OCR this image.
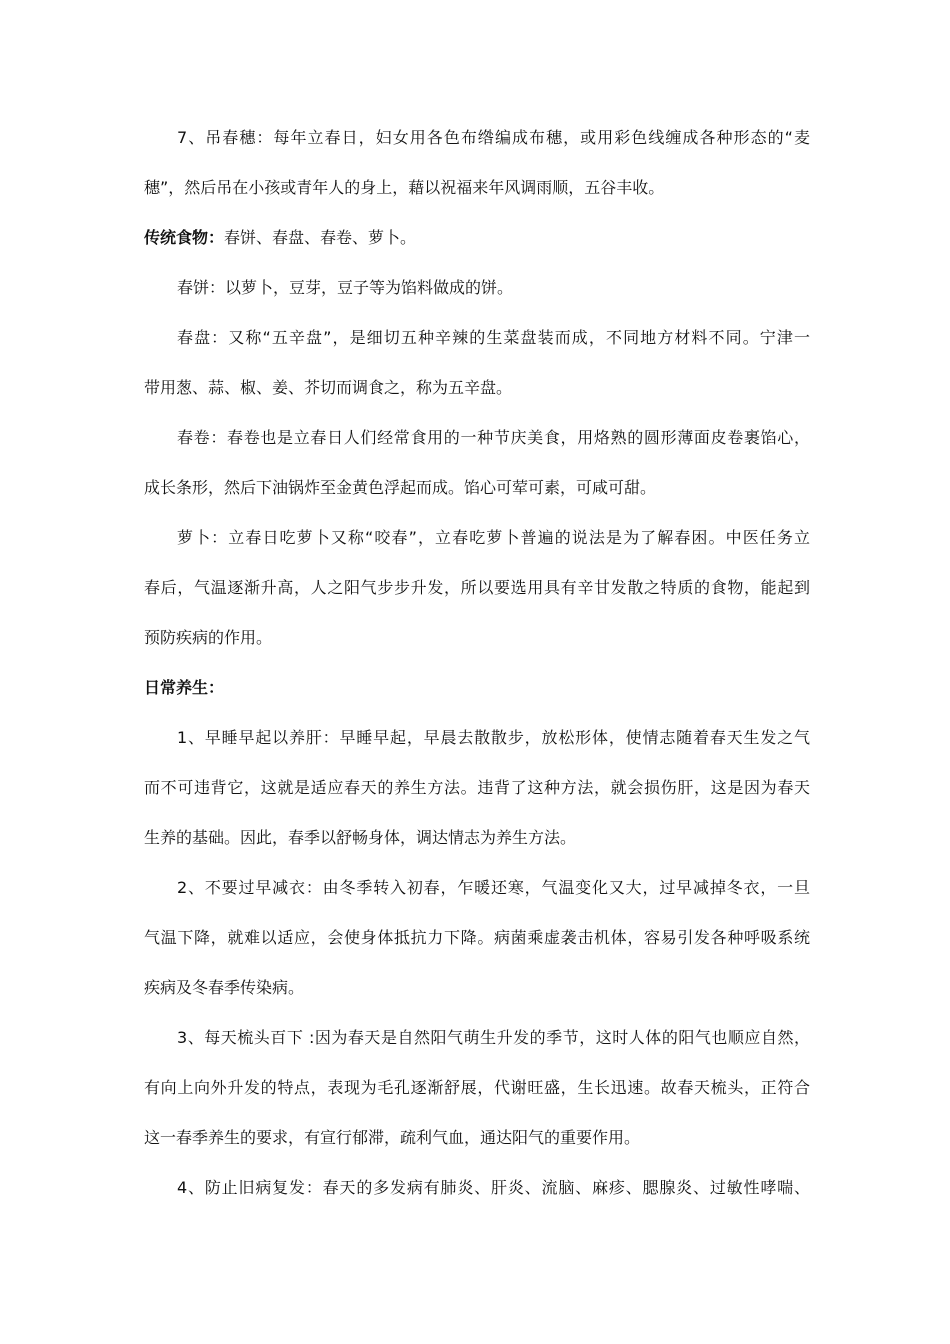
7、吊春穗：每年立春日，妇女用各色布绺编成布穗，或用彩色线缠成各种形态的“麦
穗”，然后吊在小孩或青年人的身上，藉以祝福来年风调雨顺，五谷丰收。
传统食物：春饼、春盘、春卷、萝卜。
春饼：以萝卜，豆芽，豆子等为馅料做成的饼。
春盘：又称“五辛盘”，是细切五种辛辣的生菜盘装而成，不同地方材料不同。宁津一
带用葱、蒜、椒、姜、芥切而调食之，称为五辛盘。
春卷：春卷也是立春日人们经常食用的一种节庆美食，用烙熟的圆形薄面皮卷裹馅心，
成长条形，然后下油锅炸至金黄色浮起而成。馅心可荤可素，可咸可甜。
萝卜：立春日吃萝卜又称“咬春”，立春吃萝卜普遍的说法是为了解春困。中医任务立
春后，气温逐渐升高，人之阳气步步升发，所以要选用具有辛甘发散之特质的食物，能起到
预防疾病的作用。
日常养生：
1、早睡早起以养肝：早睡早起，早晨去散散步，放松形体，使情志随着春天生发之气
而不可违背它，这就是适应春天的养生方法。违背了这种方法，就会损伤肝，这是因为春天
生养的基础。因此，春季以舒畅身体，调达情志为养生方法。
2、不要过早减衣：由冬季转入初春，乍暖还寒，气温变化又大，过早减掉冬衣，一旦
气温下降，就难以适应，会使身体抵抗力下降。病菌乘虚袭击机体，容易引发各种呼吸系统
疾病及冬春季传染病。
3、每天梳头百下 :因为春天是自然阳气萌生升发的季节，这时人体的阳气也顺应自然，
有向上向外升发的特点，表现为毛孔逐渐舒展，代谢旺盛，生长迅速。故春天梳头，正符合
这一春季养生的要求，有宣行郁滞，疏利气血，通达阳气的重要作用。
4、防止旧病复发：春天的多发病有肺炎、肝炎、流脑、麻疹、腮腺炎、过敏性哮喘、
